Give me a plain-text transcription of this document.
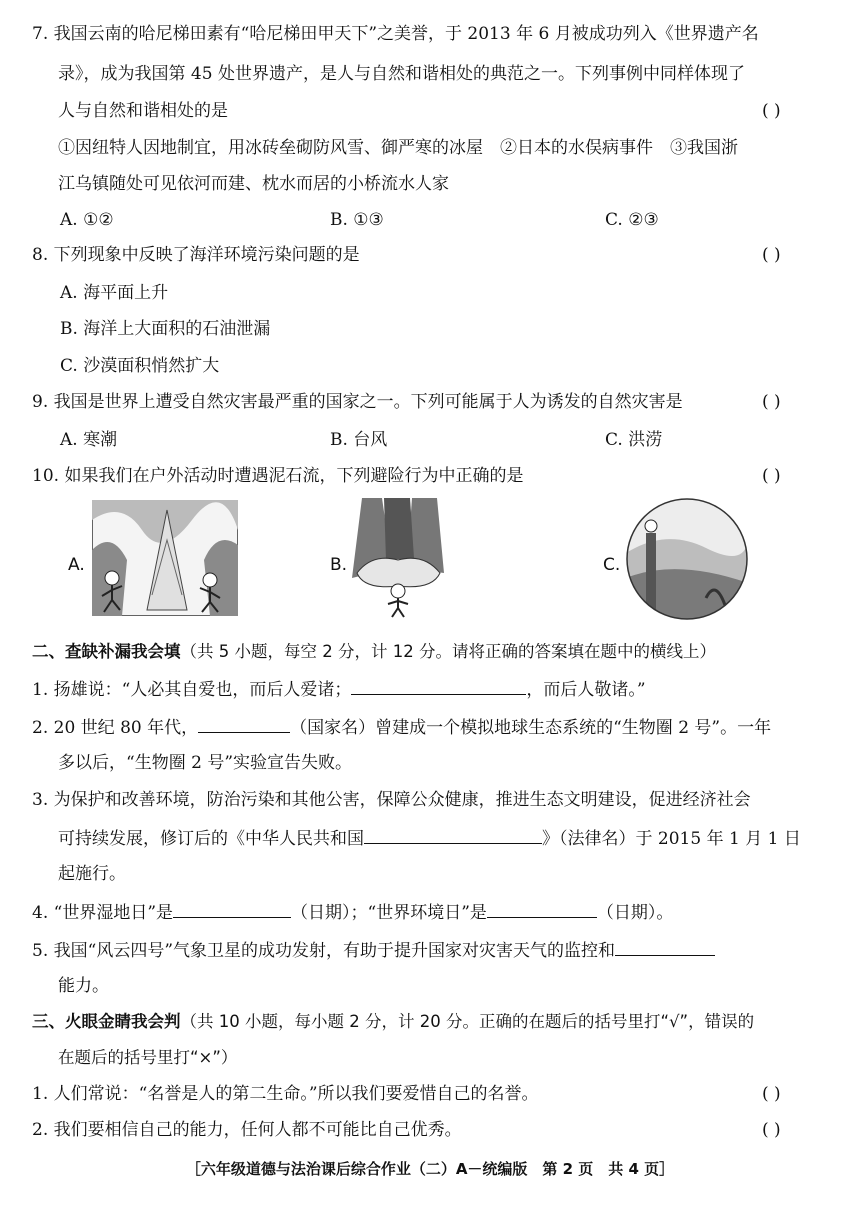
7. 我国云南的哈尼梯田素有“哈尼梯田甲天下”之美誉，于 2013 年 6 月被成功列入《世界遗产名
录》，成为我国第 45 处世界遗产，是人与自然和谐相处的典范之一。下列事例中同样体现了
人与自然和谐相处的是	( )
①因纽特人因地制宜，用冰砖垒砌防风雪、御严寒的冰屋　②日本的水俣病事件　③我国浙
江乌镇随处可见依河而建、枕水而居的小桥流水人家
A. ①②	B. ①③	C. ②③
8. 下列现象中反映了海洋环境污染问题的是	( )
A. 海平面上升
B. 海洋上大面积的石油泄漏
C. 沙漠面积悄然扩大
9. 我国是世界上遭受自然灾害最严重的国家之一。下列可能属于人为诱发的自然灾害是	( )
A. 寒潮	B. 台风	C. 洪涝
10. 如果我们在户外活动时遭遇泥石流，下列避险行为中正确的是	( )
A.	B.	C.
二、查缺补漏我会填（共 5 小题，每空 2 分，计 12 分。请将正确的答案填在题中的横线上）
1. 扬雄说：“人必其自爱也，而后人爱诸；	，而后人敬诸。”
2. 20 世纪 80 年代，	（国家名）曾建成一个模拟地球生态系统的“生物圈 2 号”。一年
多以后，“生物圈 2 号”实验宣告失败。
3. 为保护和改善环境，防治污染和其他公害，保障公众健康，推进生态文明建设，促进经济社会
可持续发展，修订后的《中华人民共和国	》（法律名）于 2015 年 1 月 1 日
起施行。
4. “世界湿地日”是	（日期）；“世界环境日”是	（日期）。
5. 我国“风云四号”气象卫星的成功发射，有助于提升国家对灾害天气的监控和
能力。
三、火眼金睛我会判（共 10 小题，每小题 2 分，计 20 分。正确的在题后的括号里打“√”，错误的
在题后的括号里打“×”）
1. 人们常说：“名誉是人的第二生命。”所以我们要爱惜自己的名誉。	( )
2. 我们要相信自己的能力，任何人都不可能比自己优秀。	( )
［六年级道德与法治课后综合作业（二）A－统编版　第 2 页　共 4 页］
